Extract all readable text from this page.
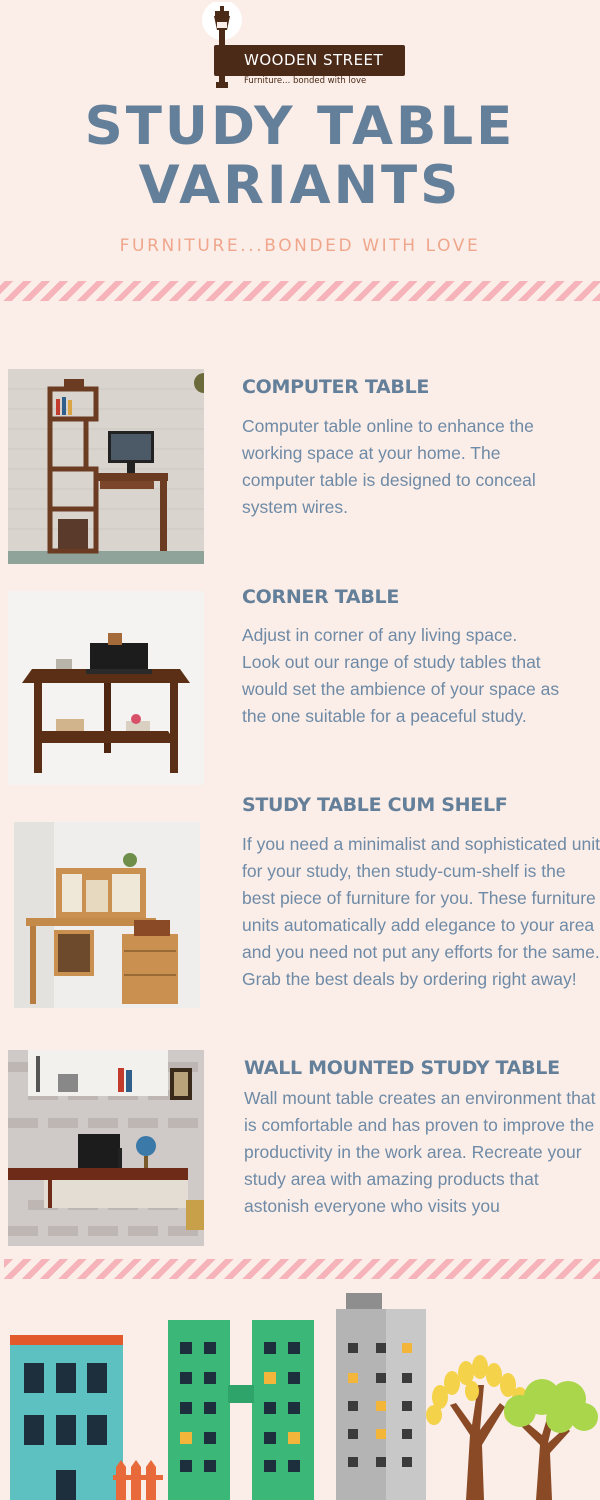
WOODEN STREET
Furniture... bonded with love
STUDY TABLE
VARIANTS
FURNITURE...BONDED WITH LOVE
COMPUTER TABLE
Computer table online to enhance the working space at your home. The computer table is designed to conceal system wires.
CORNER TABLE
Adjust in corner of any living space. Look out our range of study tables that would set the ambience of your space as the one suitable for a peaceful study.
STUDY TABLE CUM SHELF
If you need a minimalist and sophisticated unit for your study, then study-cum-shelf is the best piece of furniture for you. These furniture units automatically add elegance to your area and you need not put any efforts for the same. Grab the best deals by ordering right away!
WALL MOUNTED STUDY TABLE
Wall mount table creates an environment that is comfortable and has proven to improve the productivity in the work area. Recreate your study area with amazing products that astonish everyone who visits you
